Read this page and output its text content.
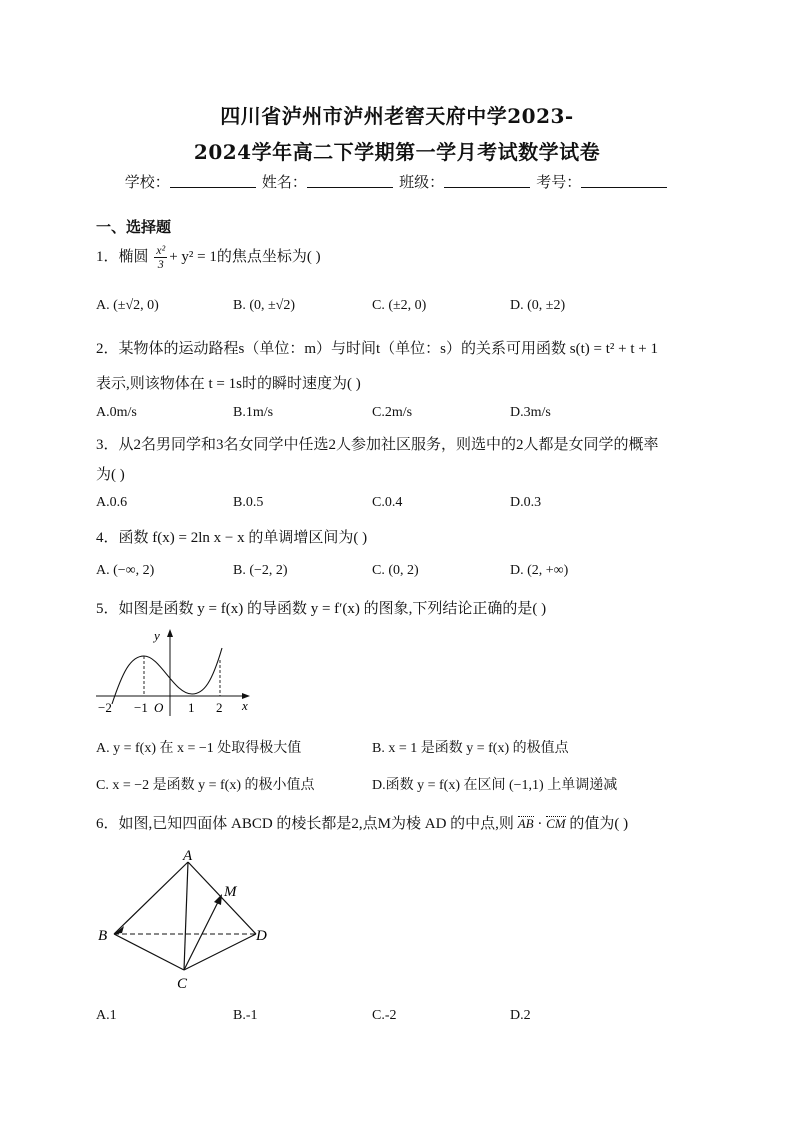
四川省泸州市泸州老窖天府中学2023-
2024学年高二下学期第一学月考试数学试卷
学校：	姓名：	班级：	考号：
一、选择题
1．椭圆 $\frac{\text{x²}}{3} + y^2 = 1$的焦点坐标为( )
A. (±√2, 0)	B. (0, ±√2)	C. (±2, 0)	D. (0, ±2)
2．某物体的运动路程s（单位：m）与时间t（单位：s）的关系可用函数 s(t) = t² + t + 1
表示,则该物体在 t = 1s时的瞬时速度为( )
A.0m/s	B.1m/s	C.2m/s	D.3m/s
3．从2名男同学和3名女同学中任选2人参加社区服务，则选中的2人都是女同学的概率
为( )
A.0.6	B.0.5	C.0.4	D.0.3
4．函数 f(x) = 2ln x − x 的单调增区间为( )
A. (−∞, 2)	B. (−2, 2)	C. (0, 2)	D. (2, +∞)
5．如图是函数 y = f(x) 的导函数 y = f′(x) 的图象,下列结论正确的是( )
y
x
O
−2 −1	1 2
A. y = f(x) 在 x = −1 处取得极大值	B. x = 1 是函数 y = f(x) 的极值点
C. x = −2 是函数 y = f(x) 的极小值点	D.函数 y = f(x) 在区间 (−1,1) 上单调递减
6．如图,已知四面体 ABCD 的棱长都是2,点M为棱 AD 的中点,则 AB · CM 的值为( )
A
B
C
D
M
A.1	B.-1	C.-2	D.2
